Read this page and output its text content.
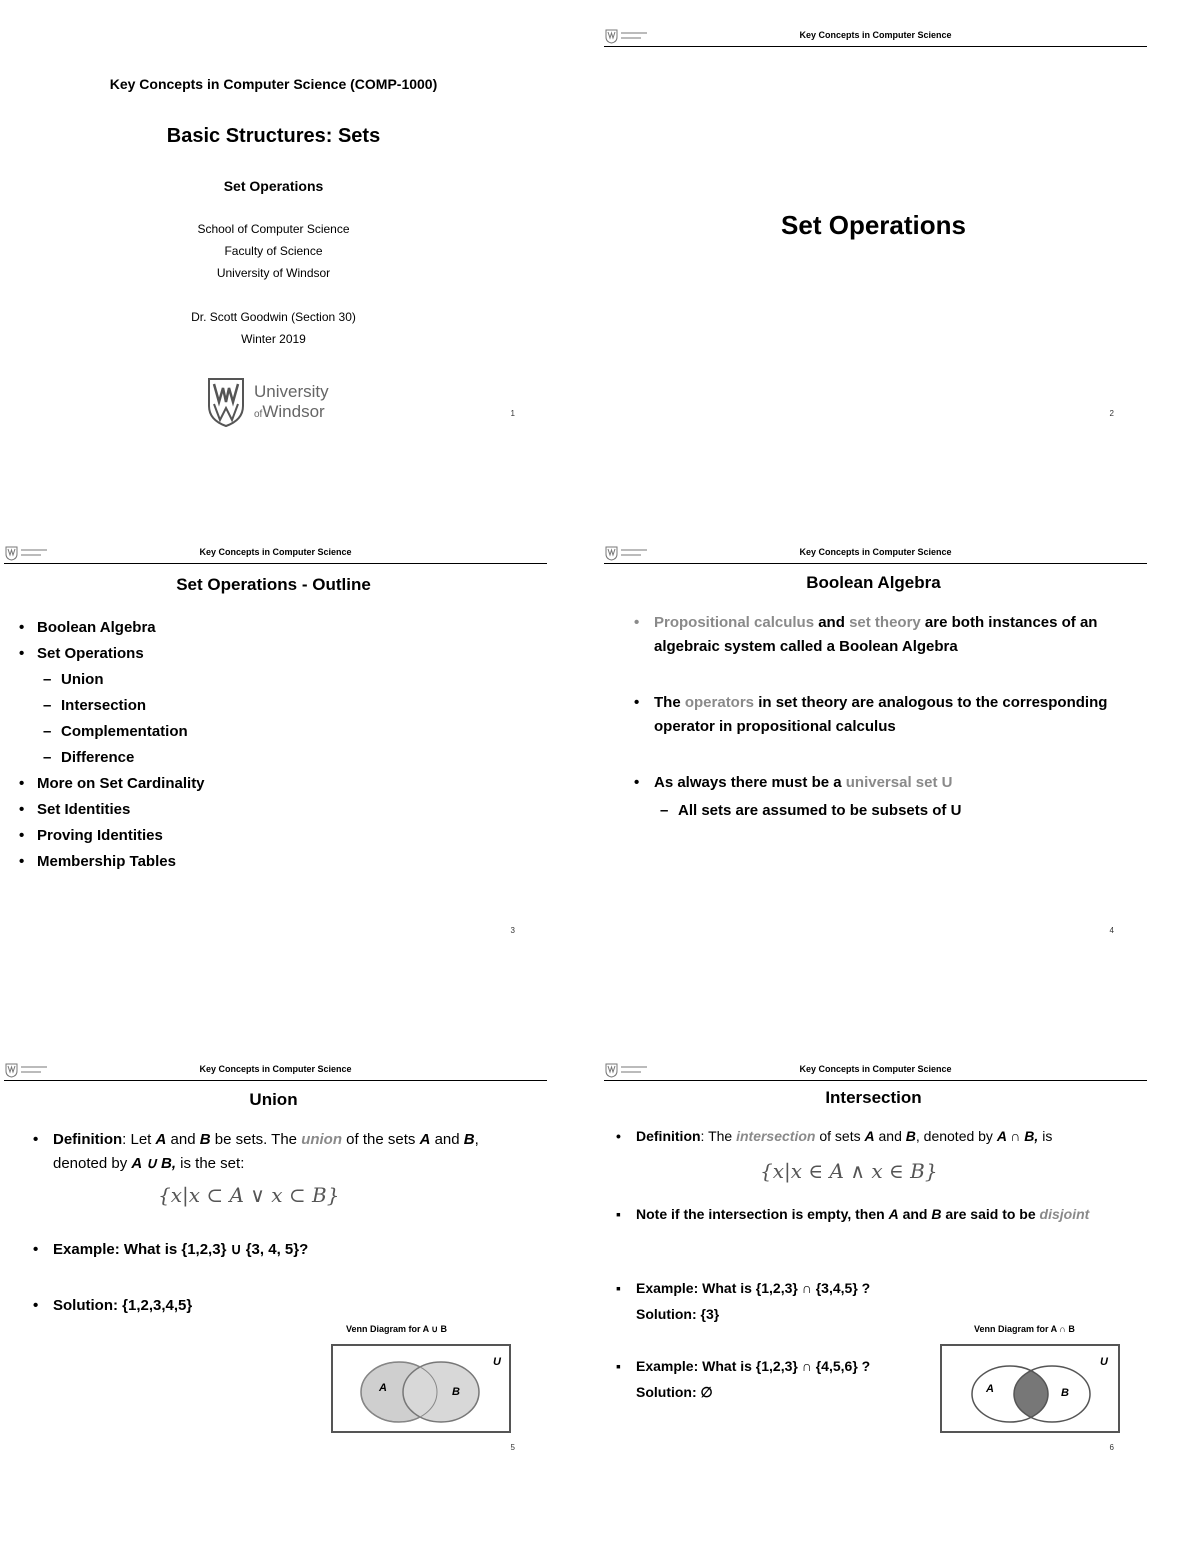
Key Concepts in Computer Science (COMP-1000)
Basic Structures: Sets
Set Operations
School of Computer Science
Faculty of Science
University of Windsor
Dr. Scott Goodwin (Section 30)
Winter 2019
University
ofWindsor	1
Key Concepts in Computer Science
Set Operations
2
Key Concepts in Computer Science
Set Operations - Outline
• Boolean Algebra
• Set Operations
– Union
– Intersection
– Complementation
– Difference
• More on Set Cardinality
• Set Identities
• Proving Identities
• Membership Tables
3
Key Concepts in Computer Science
Boolean Algebra
• Propositional calculus and set theory are both instances of an algebraic system called a Boolean Algebra
• The operators in set theory are analogous to the corresponding operator in propositional calculus
• As always there must be a universal set U
– All sets are assumed to be subsets of U
4
Key Concepts in Computer Science
Union
• Definition: Let A and B be sets. The union of the sets A and B, denoted by A ∪ B, is the set:
{x|x ⊂ A ∨ x ⊂ B}
• Example: What is {1,2,3} ∪ {3, 4, 5}?
• Solution: {1,2,3,4,5}
Venn Diagram for A ∪ B
A	B
U
5
Key Concepts in Computer Science
Intersection
• Definition: The intersection of sets A and B, denoted by A ∩ B, is
{x|x ∈ A ∧ x ∈ B}
▪ Note if the intersection is empty, then A and B are said to be disjoint
▪ Example: What is {1,2,3} ∩ {3,4,5} ?
Solution: {3}
▪ Example: What is {1,2,3} ∩ {4,5,6} ?
Solution: ∅
Venn Diagram for A ∩ B
A	B
U
6
